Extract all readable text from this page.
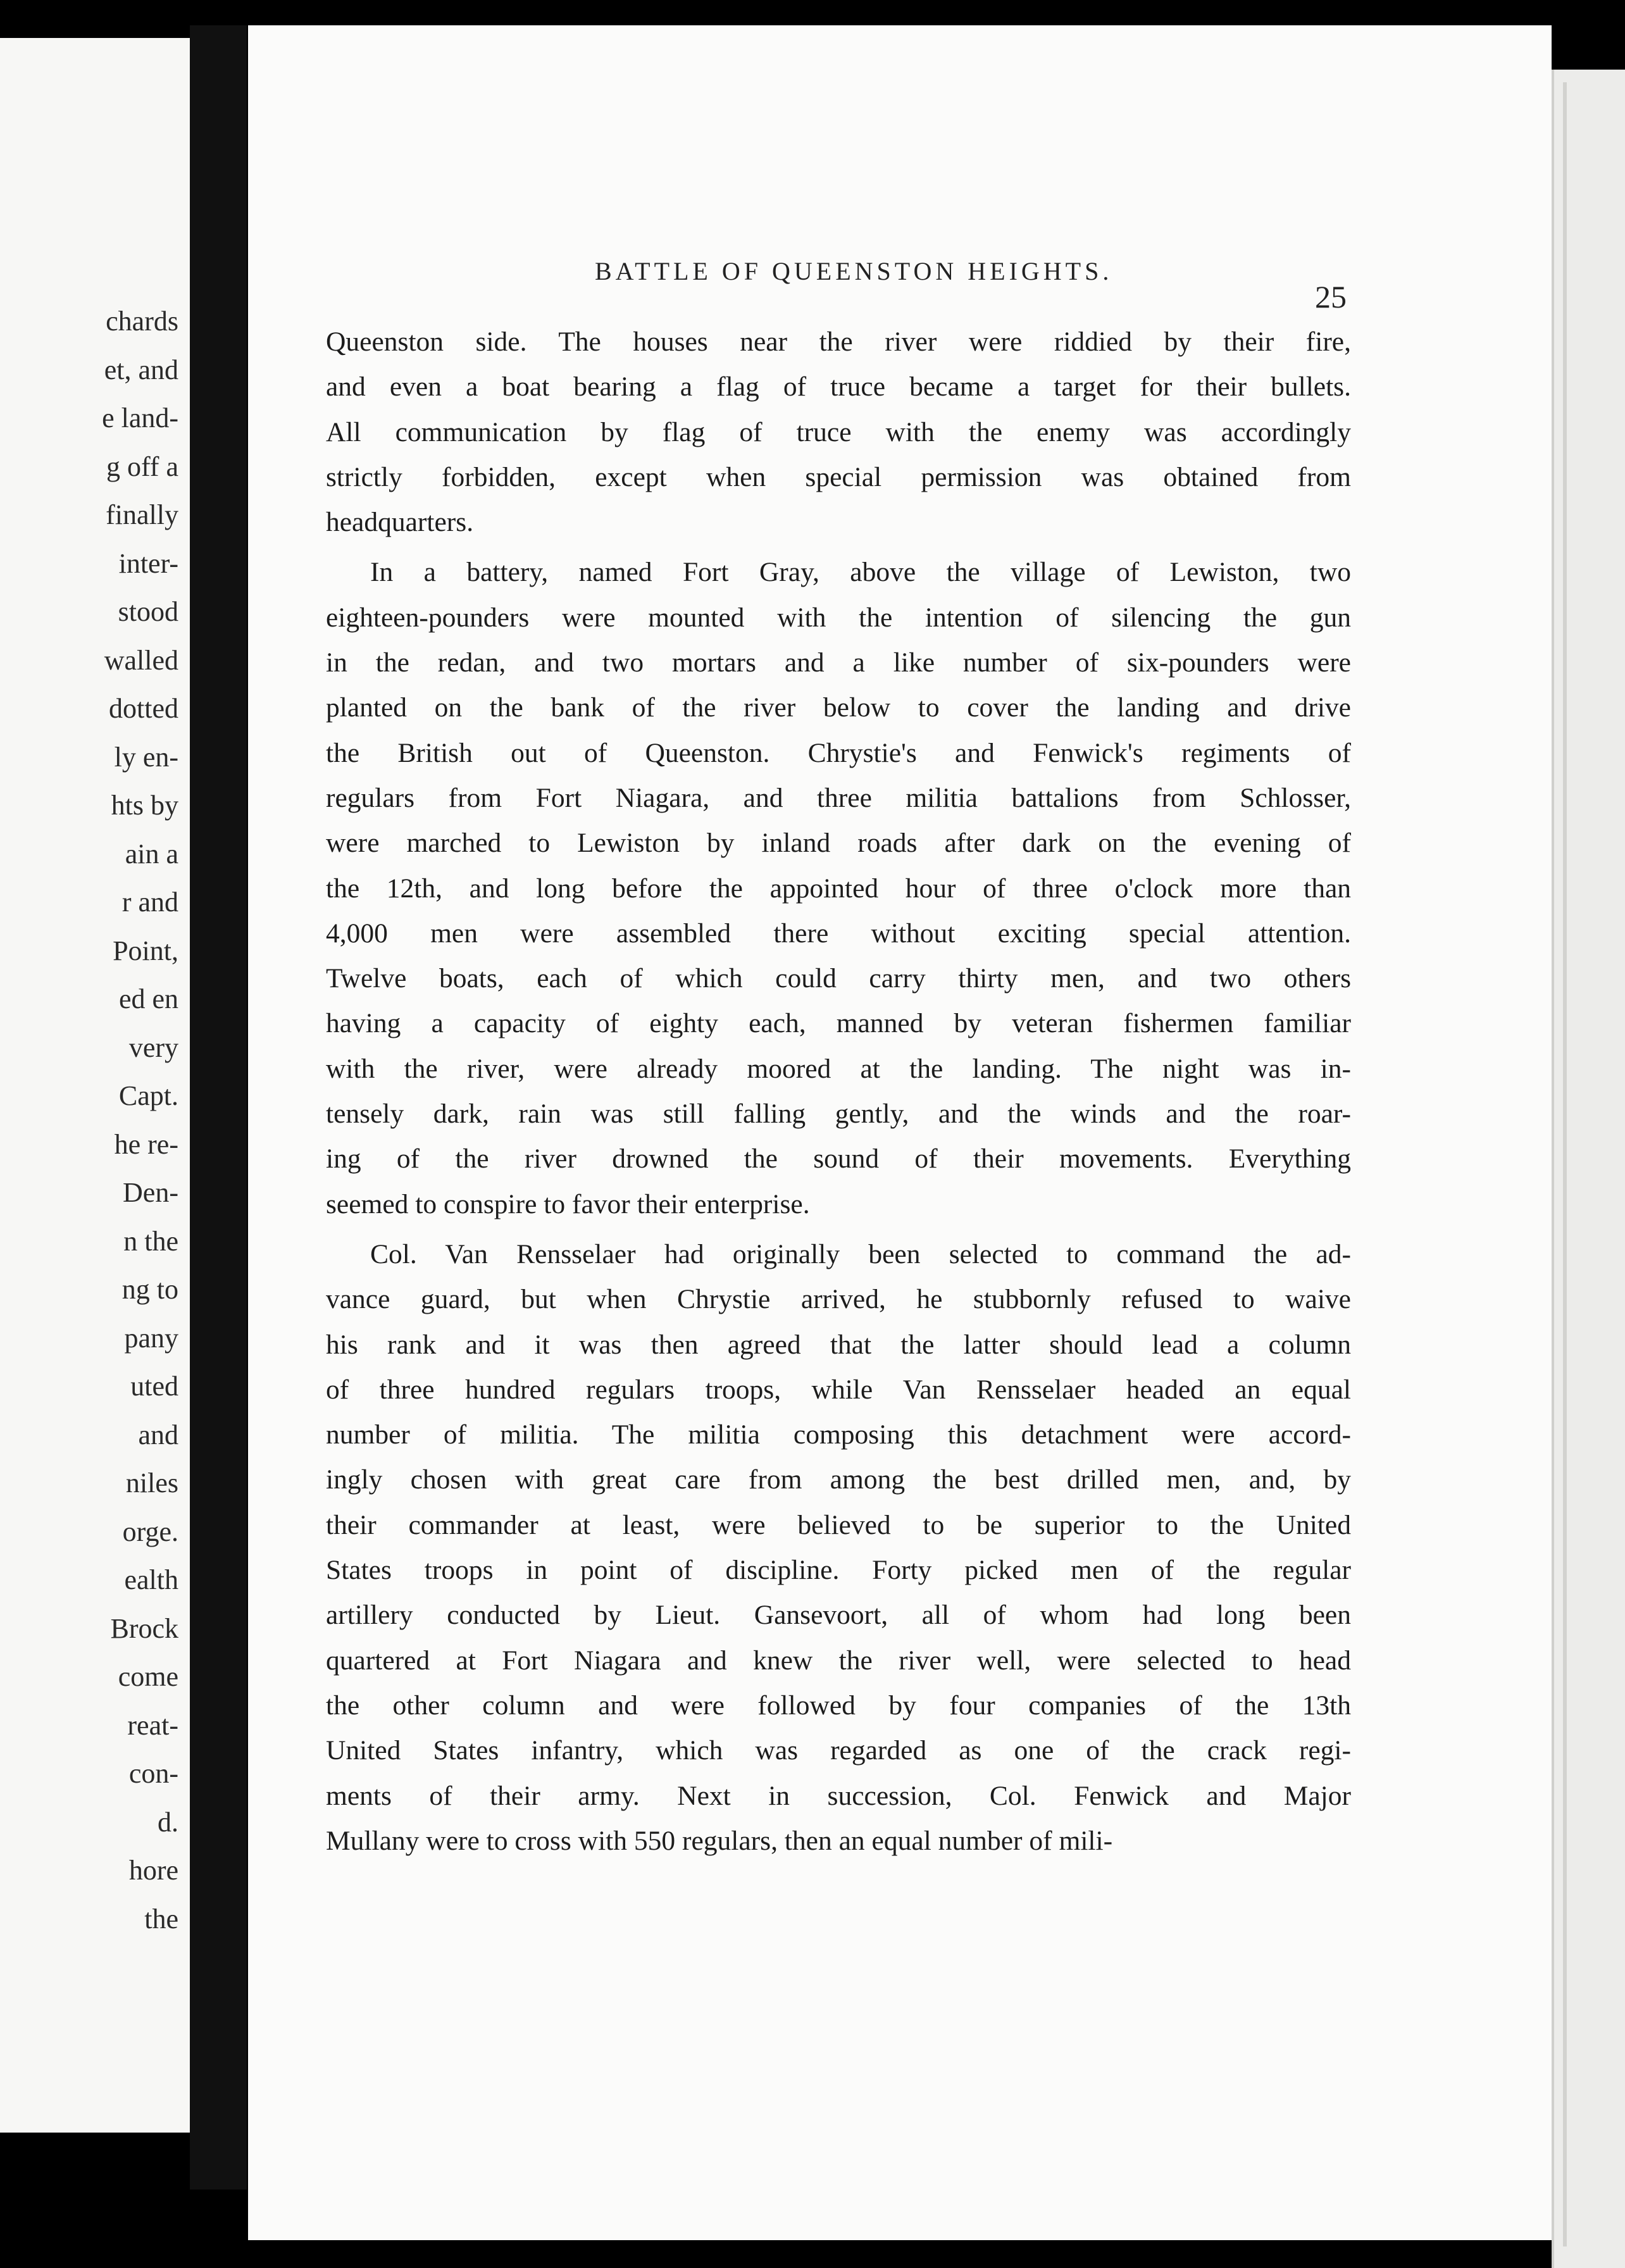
chards
et, and
e land-
g off a
finally
inter-
stood
walled
dotted
ly en-
hts by
ain a
r and
Point,
ed en
very
Capt.
he re-
Den-
n the
ng to
pany
uted
and
niles
orge.
ealth
Brock
come
reat-
con-
d.
hore
the
BATTLE OF QUEENSTON HEIGHTS.
25
Queenston side. The houses near the river were riddied by their fire,
and even a boat bearing a flag of truce became a target for their bullets.
All communication by flag of truce with the enemy was accordingly
strictly forbidden, except when special permission was obtained from
headquarters.
In a battery, named Fort Gray, above the village of Lewiston, two
eighteen-pounders were mounted with the intention of silencing the gun
in the redan, and two mortars and a like number of six-pounders were
planted on the bank of the river below to cover the landing and drive
the British out of Queenston. Chrystie's and Fenwick's regiments of
regulars from Fort Niagara, and three militia battalions from Schlosser,
were marched to Lewiston by inland roads after dark on the evening of
the 12th, and long before the appointed hour of three o'clock more than
4,000 men were assembled there without exciting special attention.
Twelve boats, each of which could carry thirty men, and two others
having a capacity of eighty each, manned by veteran fishermen familiar
with the river, were already moored at the landing. The night was in-
tensely dark, rain was still falling gently, and the winds and the roar-
ing of the river drowned the sound of their movements. Everything
seemed to conspire to favor their enterprise.
Col. Van Rensselaer had originally been selected to command the ad-
vance guard, but when Chrystie arrived, he stubbornly refused to waive
his rank and it was then agreed that the latter should lead a column
of three hundred regulars troops, while Van Rensselaer headed an equal
number of militia. The militia composing this detachment were accord-
ingly chosen with great care from among the best drilled men, and, by
their commander at least, were believed to be superior to the United
States troops in point of discipline. Forty picked men of the regular
artillery conducted by Lieut. Gansevoort, all of whom had long been
quartered at Fort Niagara and knew the river well, were selected to head
the other column and were followed by four companies of the 13th
United States infantry, which was regarded as one of the crack regi-
ments of their army. Next in succession, Col. Fenwick and Major
Mullany were to cross with 550 regulars, then an equal number of mili-
